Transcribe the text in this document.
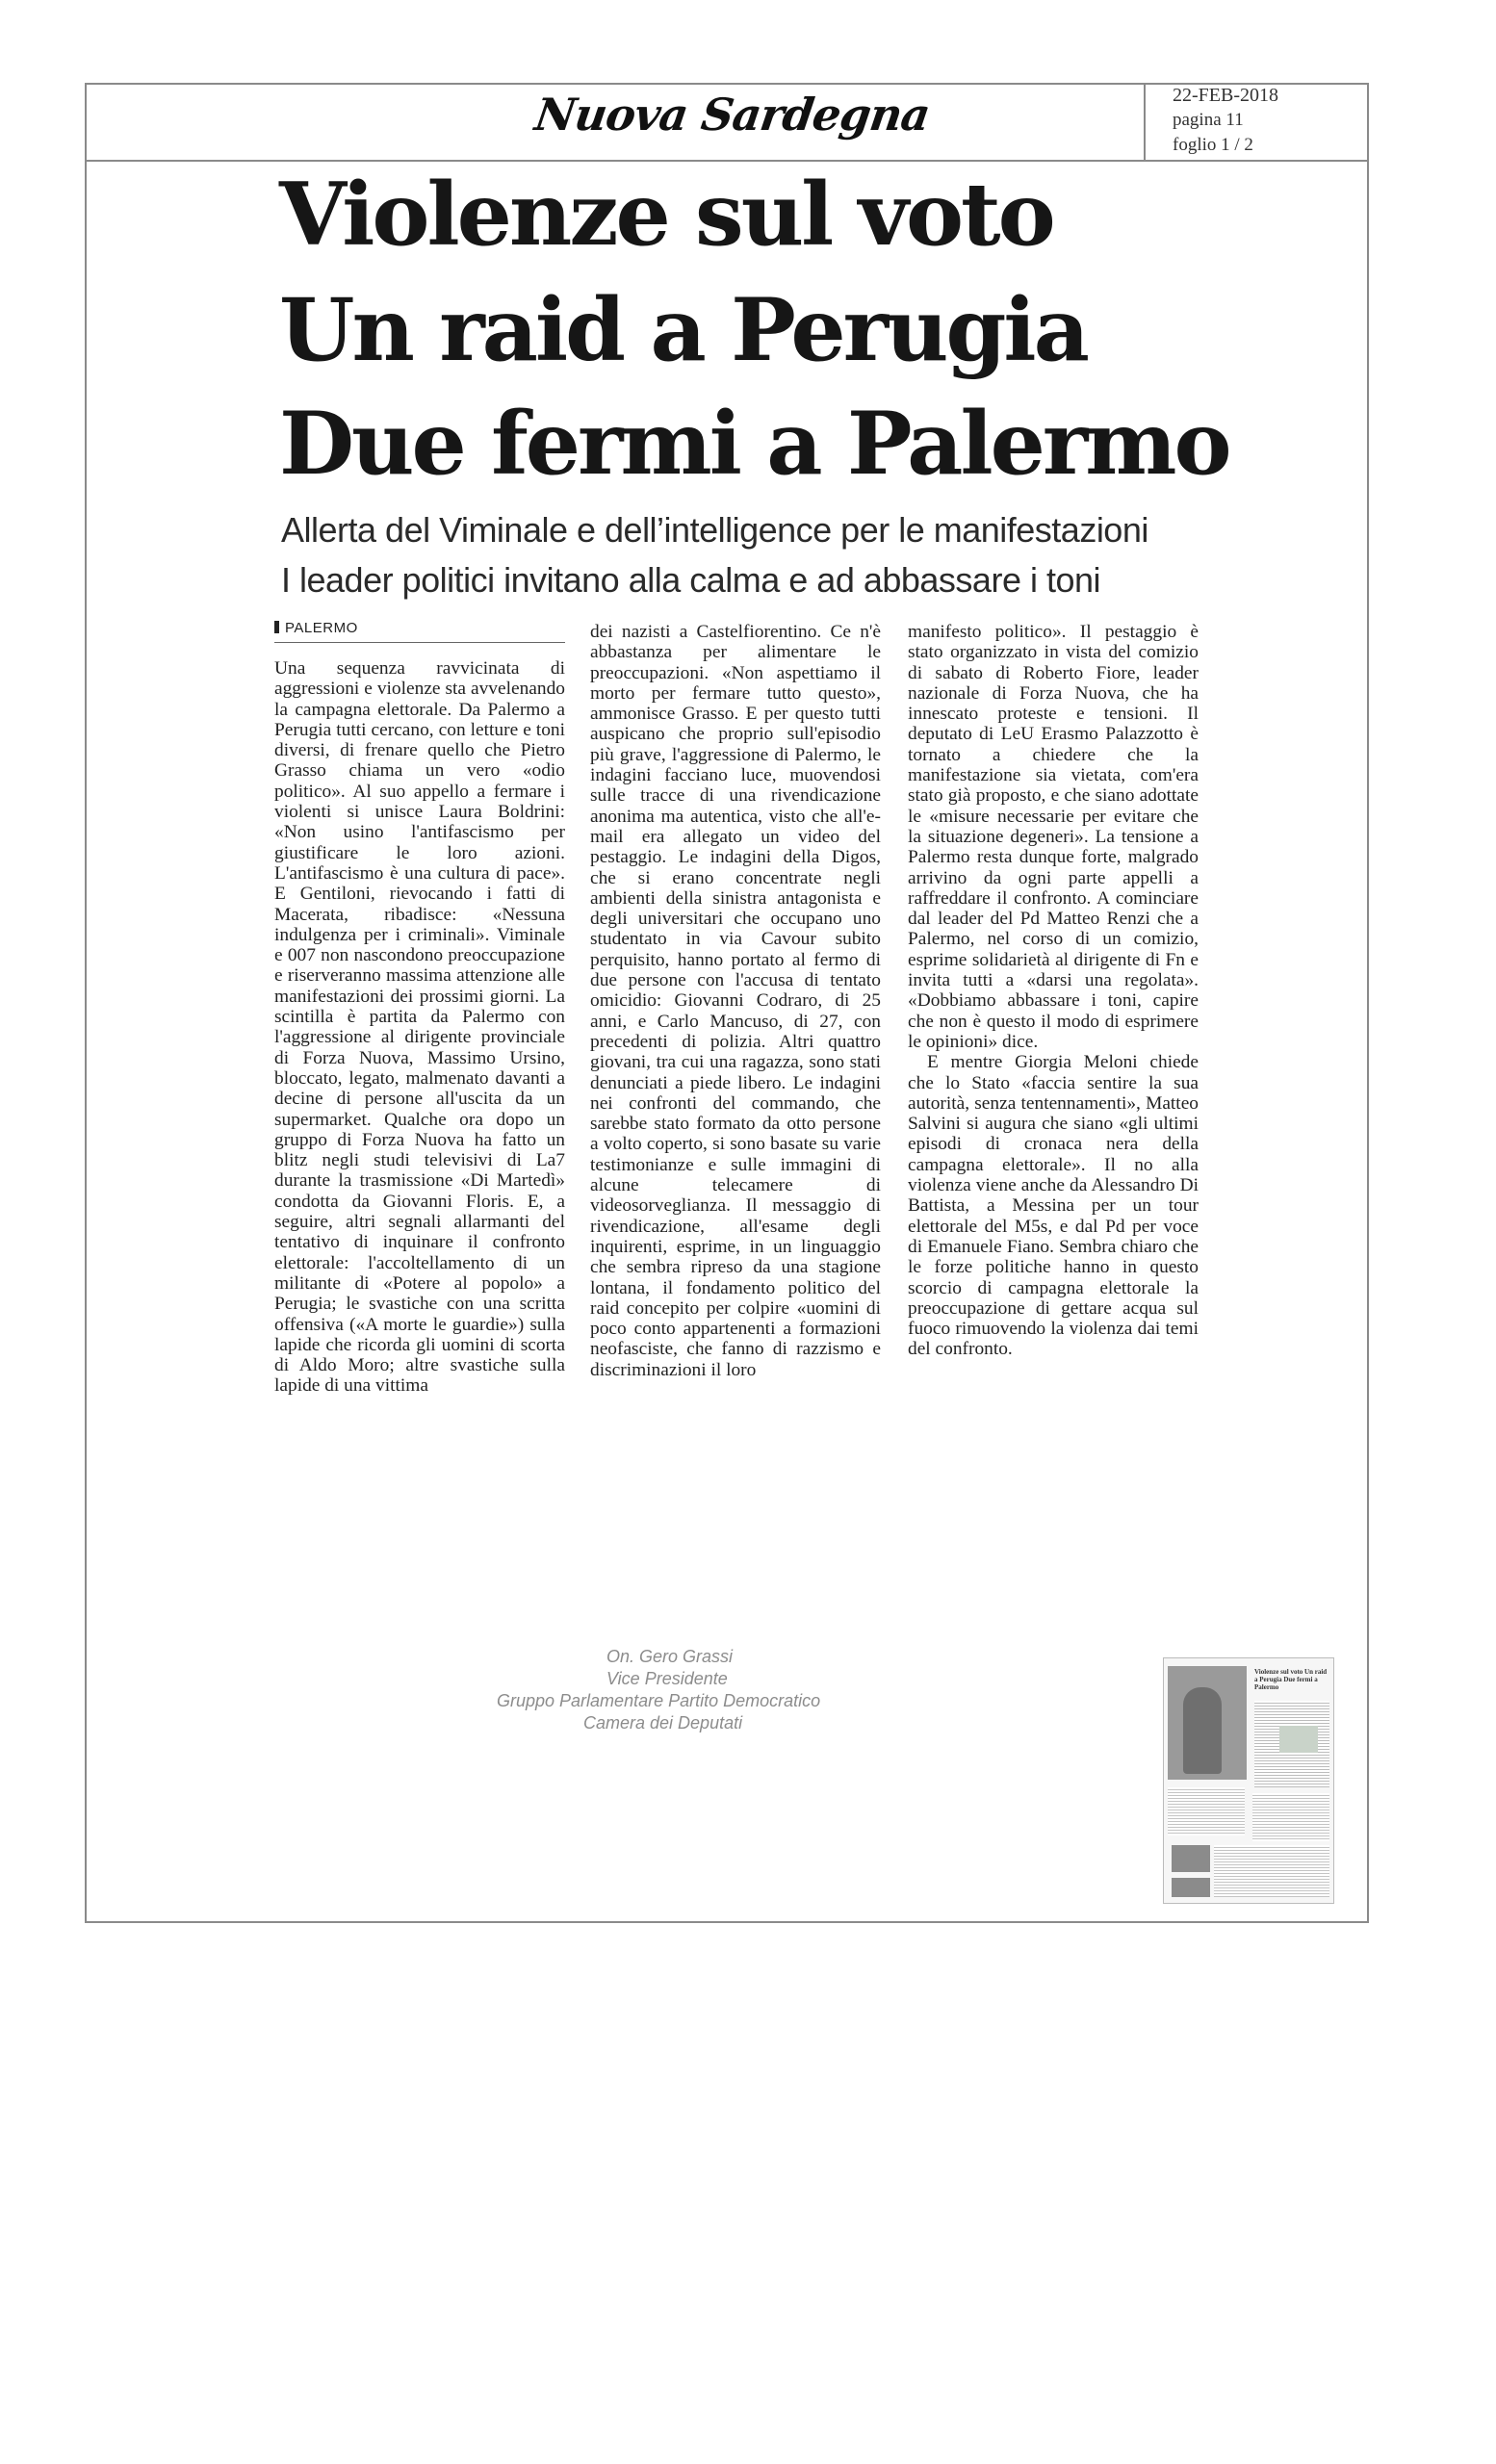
Nuova Sardegna	22-FEB-2018
pagina 11
foglio 1 / 2
Violenze sul voto
Un raid a Perugia
Due fermi a Palermo
Allerta del Viminale e dell’intelligence per le manifestazioni
I leader politici invitano alla calma e ad abbassare i toni
PALERMO
Una sequenza ravvicinata di aggressioni e violenze sta avvelenando la campagna elettorale. Da Palermo a Perugia tutti cercano, con letture e toni diversi, di frenare quello che Pietro Grasso chiama un vero «odio politico». Al suo appello a fermare i violenti si unisce Laura Boldrini: «Non usino l'antifascismo per giustificare le loro azioni. L'antifascismo è una cultura di pace». E Gentiloni, rievocando i fatti di Macerata, ribadisce: «Nessuna indulgenza per i criminali». Viminale e 007 non nascondono preoccupazione e riserveranno massima attenzione alle manifestazioni dei prossimi giorni. La scintilla è partita da Palermo con l'aggressione al dirigente provinciale di Forza Nuova, Massimo Ursino, bloccato, legato, malmenato davanti a decine di persone all'uscita da un supermarket. Qualche ora dopo un gruppo di Forza Nuova ha fatto un blitz negli studi televisivi di La7 durante la trasmissione «Di Martedì» condotta da Giovanni Floris. E, a seguire, altri segnali allarmanti del tentativo di inquinare il confronto elettorale: l'accoltellamento di un militante di «Potere al popolo» a Perugia; le svastiche con una scritta offensiva («A morte le guardie») sulla lapide che ricorda gli uomini di scorta di Aldo Moro; altre svastiche sulla lapide di una vittima
dei nazisti a Castelfiorentino. Ce n'è abbastanza per alimentare le preoccupazioni. «Non aspettiamo il morto per fermare tutto questo», ammonisce Grasso. E per questo tutti auspicano che proprio sull'episodio più grave, l'aggressione di Palermo, le indagini facciano luce, muovendosi sulle tracce di una rivendicazione anonima ma autentica, visto che all'e-mail era allegato un video del pestaggio. Le indagini della Digos, che si erano concentrate negli ambienti della sinistra antagonista e degli universitari che occupano uno studentato in via Cavour subito perquisito, hanno portato al fermo di due persone con l'accusa di tentato omicidio: Giovanni Codraro, di 25 anni, e Carlo Mancuso, di 27, con precedenti di polizia. Altri quattro giovani, tra cui una ragazza, sono stati denunciati a piede libero. Le indagini nei confronti del commando, che sarebbe stato formato da otto persone a volto coperto, si sono basate su varie testimonianze e sulle immagini di alcune telecamere di videosorveglianza. Il messaggio di rivendicazione, all'esame degli inquirenti, esprime, in un linguaggio che sembra ripreso da una stagione lontana, il fondamento politico del raid concepito per colpire «uomini di poco conto appartenenti a formazioni neofasciste, che fanno di razzismo e discriminazioni il loro
manifesto politico». Il pestaggio è stato organizzato in vista del comizio di sabato di Roberto Fiore, leader nazionale di Forza Nuova, che ha innescato proteste e tensioni. Il deputato di LeU Erasmo Palazzotto è tornato a chiedere che la manifestazione sia vietata, com'era stato già proposto, e che siano adottate le «misure necessarie per evitare che la situazione degeneri». La tensione a Palermo resta dunque forte, malgrado arrivino da ogni parte appelli a raffreddare il confronto. A cominciare dal leader del Pd Matteo Renzi che a Palermo, nel corso di un comizio, esprime solidarietà al dirigente di Fn e invita tutti a «darsi una regolata». «Dobbiamo abbassare i toni, capire che non è questo il modo di esprimere le opinioni» dice.
E mentre Giorgia Meloni chiede che lo Stato «faccia sentire la sua autorità, senza tentennamenti», Matteo Salvini si augura che siano «gli ultimi episodi di cronaca nera della campagna elettorale». Il no alla violenza viene anche da Alessandro Di Battista, a Messina per un tour elettorale del M5s, e dal Pd per voce di Emanuele Fiano. Sembra chiaro che le forze politiche hanno in questo scorcio di campagna elettorale la preoccupazione di gettare acqua sul fuoco rimuovendo la violenza dai temi del confronto.
On. Gero Grassi
Vice Presidente
Gruppo Parlamentare Partito Democratico
Camera dei Deputati
Violenze sul voto Un raid a Perugia Due fermi a Palermo
